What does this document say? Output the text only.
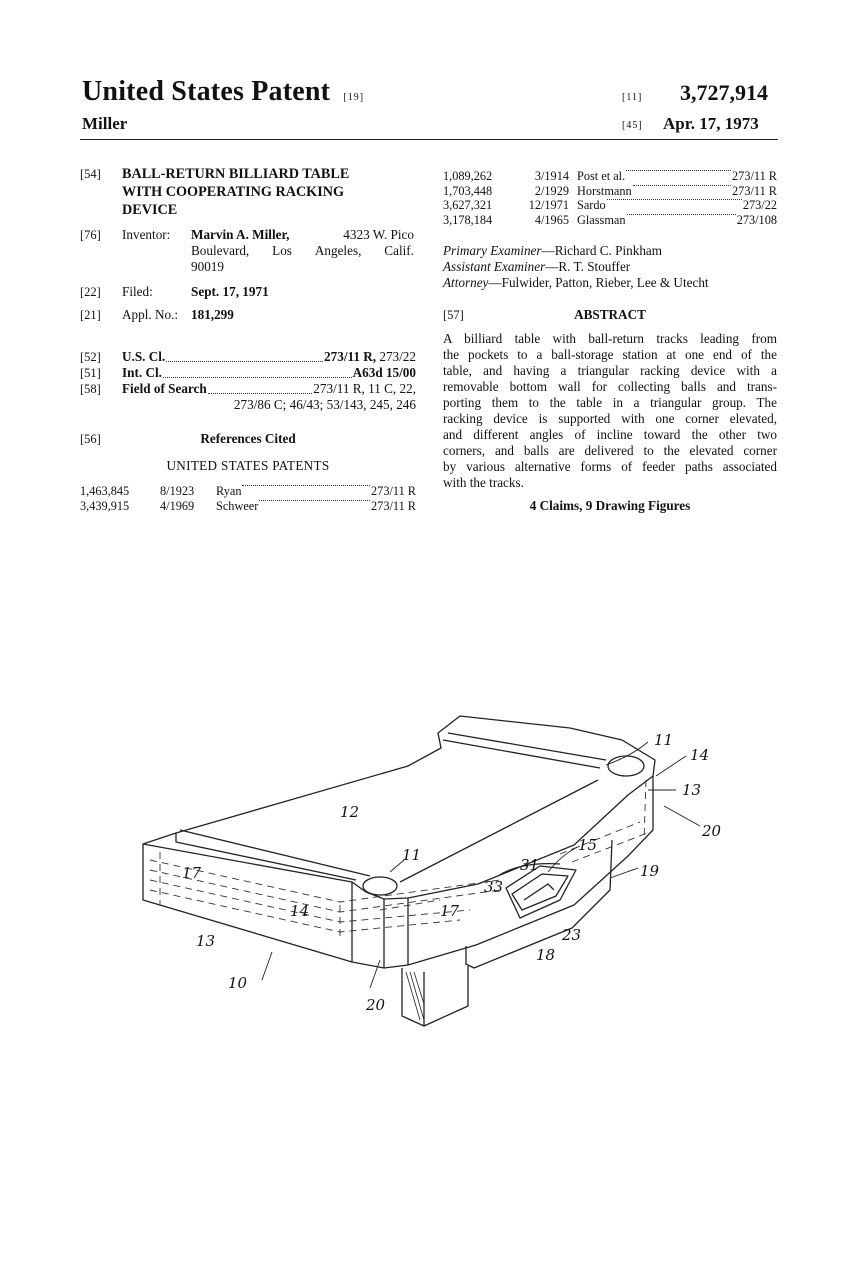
United States Patent [19]	[11] 3,727,914
Miller	[45] Apr. 17, 1973
[54] BALL-RETURN BILLIARD TABLE
WITH COOPERATING RACKING
DEVICE
[76] Inventor: Marvin A. Miller,	4323 W. Pico
Boulevard, Los Angeles, Calif.
90019
[22] Filed:	Sept. 17, 1971
[21] Appl. No.: 181,299
[52] U.S. Cl.	273/11 R,
273/22
[51] Int. Cl.	A63d 15/00
[58] Field of Search	273/11 R, 11 C, 22,
273/86 C; 46/43; 53/143, 245, 246
[56]	References Cited
UNITED STATES PATENTS
1,463,845	8/1923	Ryan	273/11 R
3,439,915	4/1969	Schweer	273/11 R
1,089,262	3/1914 Post et al.	273/11 R
1,703,448	2/1929 Horstmann	273/11 R
3,627,321	12/1971 Sardo	273/22
3,178,184	4/1965 Glassman	273/108
Primary Examiner—Richard C. Pinkham
Assistant Examiner—R. T. Stouffer
Attorney—Fulwider, Patton, Rieber, Lee & Utecht
[57]	ABSTRACT
A billiard table with ball-return tracks leading from
the pockets to a ball-storage station at one end of the
table, and having a triangular racking device with a
removable bottom wall for collecting balls and trans-
porting them to the table in a triangular group. The
racking device is supported with one corner elevated,
and different angles of incline toward the other two
corners, and balls are delivered to the elevated corner
by various alternative forms of feeder paths associated
with the tracks.
4 Claims, 9 Drawing Figures
11
14
13
20
12
15
19
11
31
33
17
14	17
23
18
13
10
20
